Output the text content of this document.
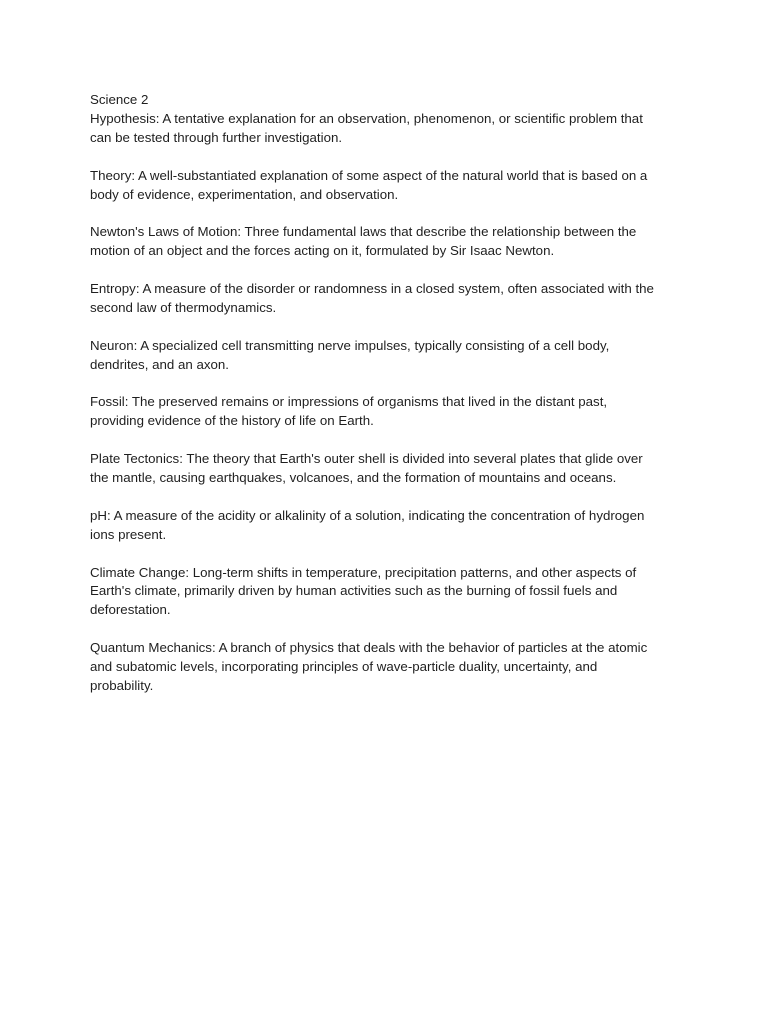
Science 2

Hypothesis: A tentative explanation for an observation, phenomenon, or scientific problem that
can be tested through further investigation.

Theory: A well-substantiated explanation of some aspect of the natural world that is based on a
body of evidence, experimentation, and observation.

Newton's Laws of Motion: Three fundamental laws that describe the relationship between the
motion of an object and the forces acting on it, formulated by Sir Isaac Newton.

Entropy: A measure of the disorder or randomness in a closed system, often associated with the
second law of thermodynamics.

Neuron: A specialized cell transmitting nerve impulses, typically consisting of a cell body,
dendrites, and an axon.

Fossil: The preserved remains or impressions of organisms that lived in the distant past,
providing evidence of the history of life on Earth.

Plate Tectonics: The theory that Earth's outer shell is divided into several plates that glide over
the mantle, causing earthquakes, volcanoes, and the formation of mountains and oceans.

pH: A measure of the acidity or alkalinity of a solution, indicating the concentration of hydrogen
ions present.

Climate Change: Long-term shifts in temperature, precipitation patterns, and other aspects of
Earth's climate, primarily driven by human activities such as the burning of fossil fuels and
deforestation.

Quantum Mechanics: A branch of physics that deals with the behavior of particles at the atomic
and subatomic levels, incorporating principles of wave-particle duality, uncertainty, and
probability.
